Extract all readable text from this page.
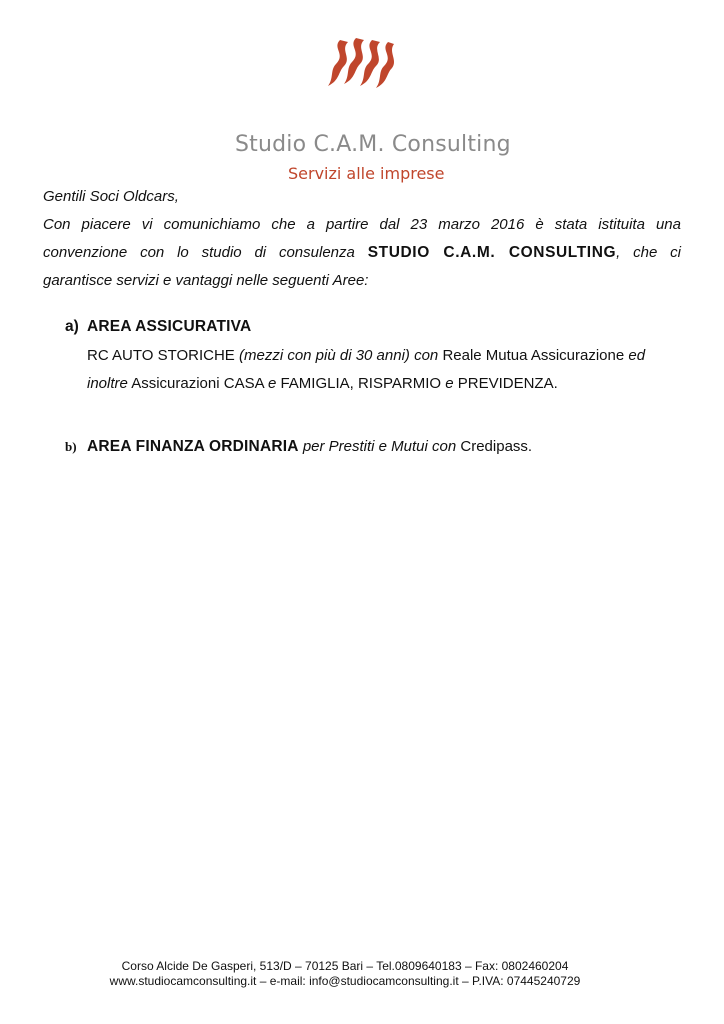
Studio C.A.M. Consulting
Servizi alle imprese
Gentili Soci Oldcars,
Con piacere vi comunichiamo che a partire dal 23 marzo 2016 è stata istituita una
convenzione con lo studio di consulenza STUDIO C.A.M. CONSULTING, che ci
garantisce servizi e vantaggi nelle seguenti Aree:
a) AREA ASSICURATIVA
RC AUTO STORICHE (mezzi con più di 30 anni) con Reale Mutua Assicurazione ed inoltre Assicurazioni CASA e FAMIGLIA, RISPARMIO e PREVIDENZA.
b) AREA FINANZA ORDINARIA per Prestiti e Mutui con Credipass.
Corso Alcide De Gasperi, 513/D – 70125 Bari – Tel.0809640183 – Fax: 0802460204
www.studiocamconsulting.it – e-mail: info@studiocamconsulting.it – P.IVA: 07445240729
